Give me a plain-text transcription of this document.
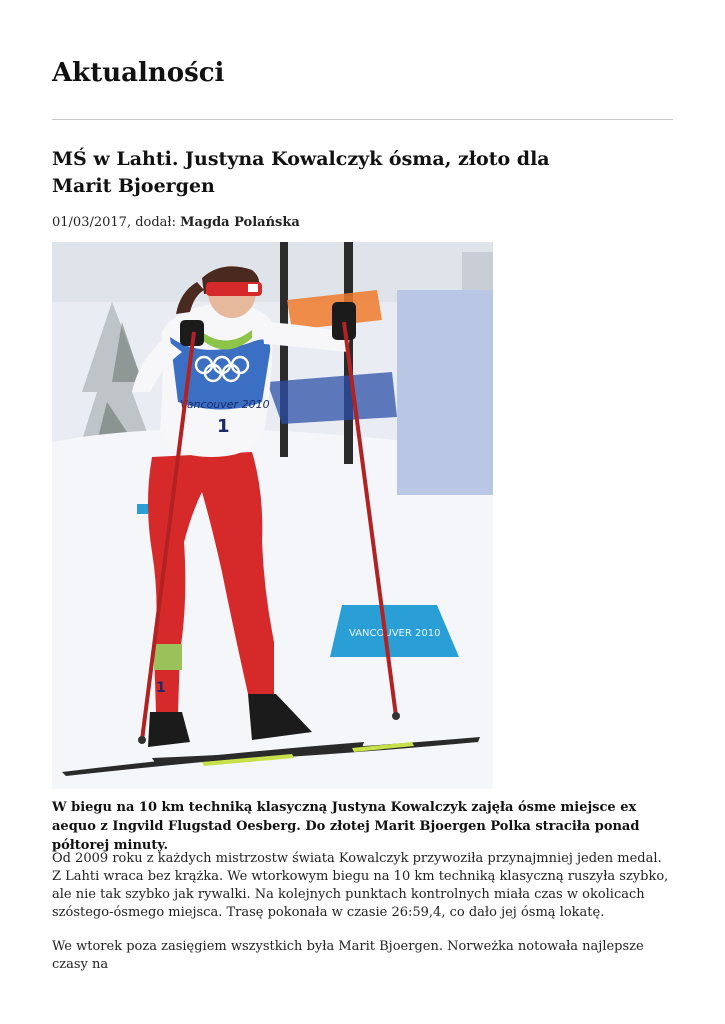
Aktualności
MŚ w Lahti. Justyna Kowalczyk ósma, złoto dla Marit Bjoergen
01/03/2017, dodał: Magda Polańska
VANCOUVER 2010
1
Vancouver 2010
1

W biegu na 10 km techniką klasyczną Justyna Kowalczyk zajęła ósme miejsce ex aequo z Ingvild Flugstad Oesberg. Do złotej Marit Bjoergen Polka straciła ponad półtorej minuty.

Od 2009 roku z każdych mistrzostw świata Kowalczyk przywoziła przynajmniej jeden medal. Z Lahti wraca bez krążka. We wtorkowym biegu na 10 km techniką klasyczną ruszyła szybko, ale nie tak szybko jak rywalki. Na kolejnych punktach kontrolnych miała czas w okolicach szóstego-ósmego miejsca. Trasę pokonała w czasie 26:59,4, co dało jej ósmą lokatę.

We wtorek poza zasięgiem wszystkich była Marit Bjoergen. Norweżka notowała najlepsze czasy na
